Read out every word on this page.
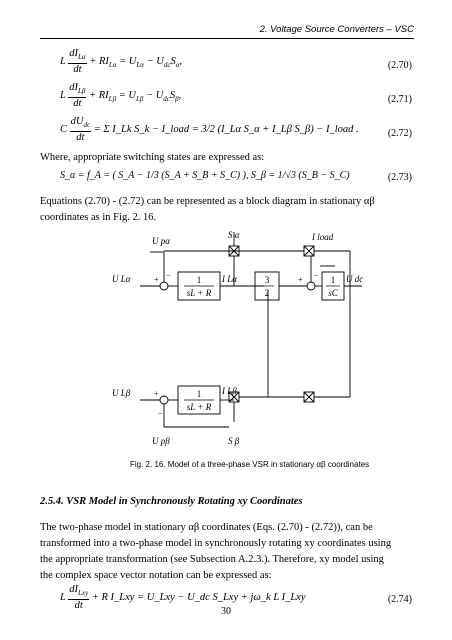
2. Voltage Source Converters – VSC
L $\frac{dI_{L\alpha}}{dt} + RI_{L\alpha} = U_{L\alpha} - U_{dc}S_\alpha$,	(2.70)
L $\frac{dI_{L\beta}}{dt} + RI_{L\beta} = U_{L\beta} - U_{dc}S_\beta$,	(2.71)
C $\frac{dU_{dc}}{dt} = \Sigma$ I_Lk S_k − I_load = 3/2 (I_Lα S_α + I_Lβ S_β) − I_load .	(2.72)
Where, appropriate switching states are expressed as:
S_α = f_A = ( S_A − 1/3 (S_A + S_B + S_C) ), S_β = 1/√3 (S_B − S_C)	(2.73)
Equations (2.70) - (2.72) can be represented as a block diagram in stationary αβ
coordinates as in Fig. 2. 16.
U pα
S α	I load
U Lα	I Lα	U dc
U Lβ	I Lβ
U pβ	S β
1
sL + R
3
2
1
sC
1
sL + R
+ −	+ −
+
−
Fig. 2. 16. Model of a three-phase VSR in stationary αβ coordinates
2.5.4. VSR Model in Synchronously Rotating xy Coordinates
The two-phase model in stationary αβ coordinates (Eqs. (2.70) - (2.72)), can be
transformed into a two-phase model in synchronously rotating xy coordinates using
the appropriate transformation (see Subsection A.2.3.). Therefore, xy model using
the complex space vector notation can be expressed as:
L $\frac{dI_{Lxy}}{dt} + R$ I_Lxy = U_Lxy − U_dc S_Lxy + jω_k L I_Lxy	(2.74)
30
